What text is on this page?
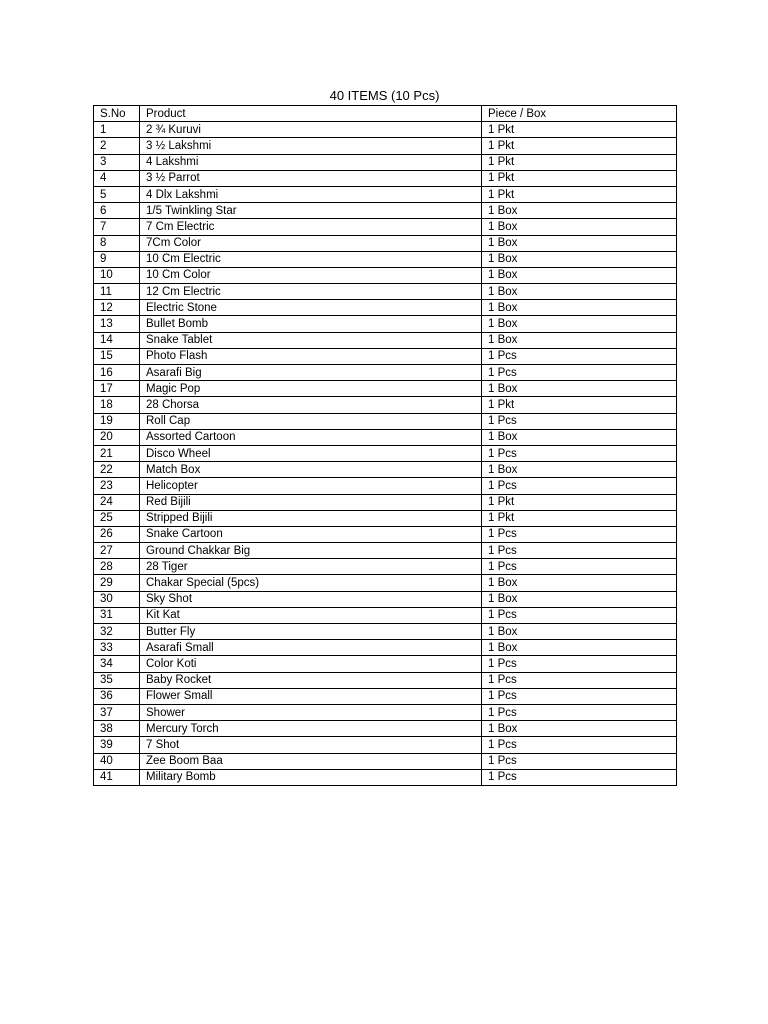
40 ITEMS (10 Pcs)
S.No	Product	Piece / Box
1	2 ¾ Kuruvi	1 Pkt
2	3 ½ Lakshmi	1 Pkt
3	4 Lakshmi	1 Pkt
4	3 ½ Parrot	1 Pkt
5	4 Dlx Lakshmi	1 Pkt
6	1/5 Twinkling Star	1 Box
7	7 Cm Electric	1 Box
8	7Cm Color	1 Box
9	10 Cm Electric	1 Box
10	10 Cm Color	1 Box
11	12 Cm Electric	1 Box
12	Electric Stone	1 Box
13	Bullet Bomb	1 Box
14	Snake Tablet	1 Box
15	Photo Flash	1 Pcs
16	Asarafi Big	1 Pcs
17	Magic Pop	1 Box
18	28 Chorsa	1 Pkt
19	Roll Cap	1 Pcs
20	Assorted Cartoon	1 Box
21	Disco Wheel	1 Pcs
22	Match Box	1 Box
23	Helicopter	1 Pcs
24	Red Bijili	1 Pkt
25	Stripped Bijili	1 Pkt
26	Snake Cartoon	1 Pcs
27	Ground Chakkar Big	1 Pcs
28	28 Tiger	1 Pcs
29	Chakar Special (5pcs)	1 Box
30	Sky Shot	1 Box
31	Kit Kat	1 Pcs
32	Butter Fly	1 Box
33	Asarafi Small	1 Box
34	Color Koti	1 Pcs
35	Baby Rocket	1 Pcs
36	Flower Small	1 Pcs
37	Shower	1 Pcs
38	Mercury Torch	1 Box
39	7 Shot	1 Pcs
40	Zee Boom Baa	1 Pcs
41	Military Bomb	1 Pcs
